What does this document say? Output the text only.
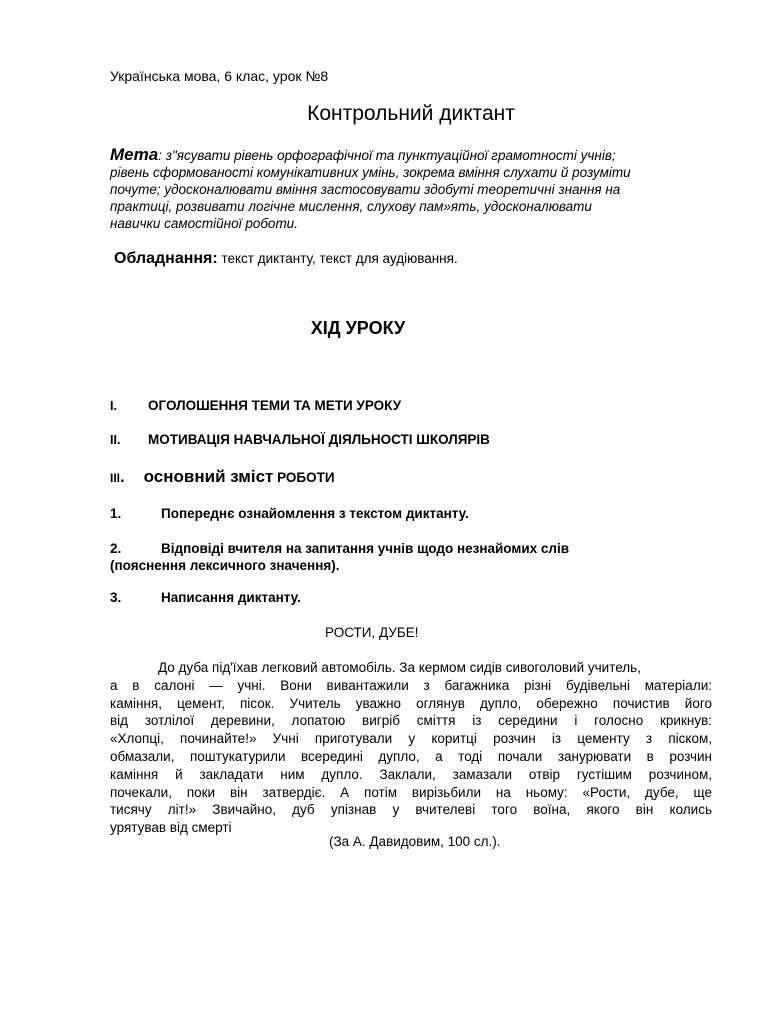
Українська мова, 6 клас, урок №8

Контрольний диктант
Мета: з"ясувати рівень орфографічної та пунктуаційної грамотності учнів;
рівень сформованості комунікативних умінь, зокрема вміння слухати й розуміти
почуте; удосконалювати вміння застосовувати здобуті теоретичні знання на
практиці, розвивати логічне мислення, слухову пам»ять, удосконалювати
навички самостійної роботи.

Обладнання: текст диктанту, текст для аудіювання.

ХІД УРОКУ

I. ОГОЛОШЕННЯ ТЕМИ ТА МЕТИ УРОКУ

II. МОТИВАЦІЯ НАВЧАЛЬНОЇ ДІЯЛЬНОСТІ ШКОЛЯРІВ

III.    основний зміст РОБОТИ

1.	Попереднє ознайомлення з текстом диктанту.

2.	Відповіді вчителя на запитання учнів щодо незнайомих слів
(пояснення лексичного значення).

3.	Написання диктанту.

РОСТИ, ДУБЕ!

До дуба під'їхав легковий автомобіль. За кермом сидів сивоголовий учитель,
а в салоні — учні. Вони вивантажили з багажника різні будівельні матеріали:
каміння, цемент, пісок. Учитель уважно оглянув дупло, обережно почистив його
від зотлілої деревини, лопатою вигріб сміття із середини і голосно крикнув:
«Хлопці, починайте!» Учні приготували у коритці розчин із цементу з піском,
обмазали, поштукатурили всередині дупло, а тоді почали занурювати в розчин
каміння й закладати ним дупло. Заклали, замазали отвір густішим розчином,
почекали, поки він затвердіє. А потім вирізьбили на ньому: «Рости, дубе, ще
тисячу літ!» Звичайно, дуб упізнав у вчителеві того воїна, якого він колись
урятував від смерті

(За А. Давидовим, 100 сл.).
